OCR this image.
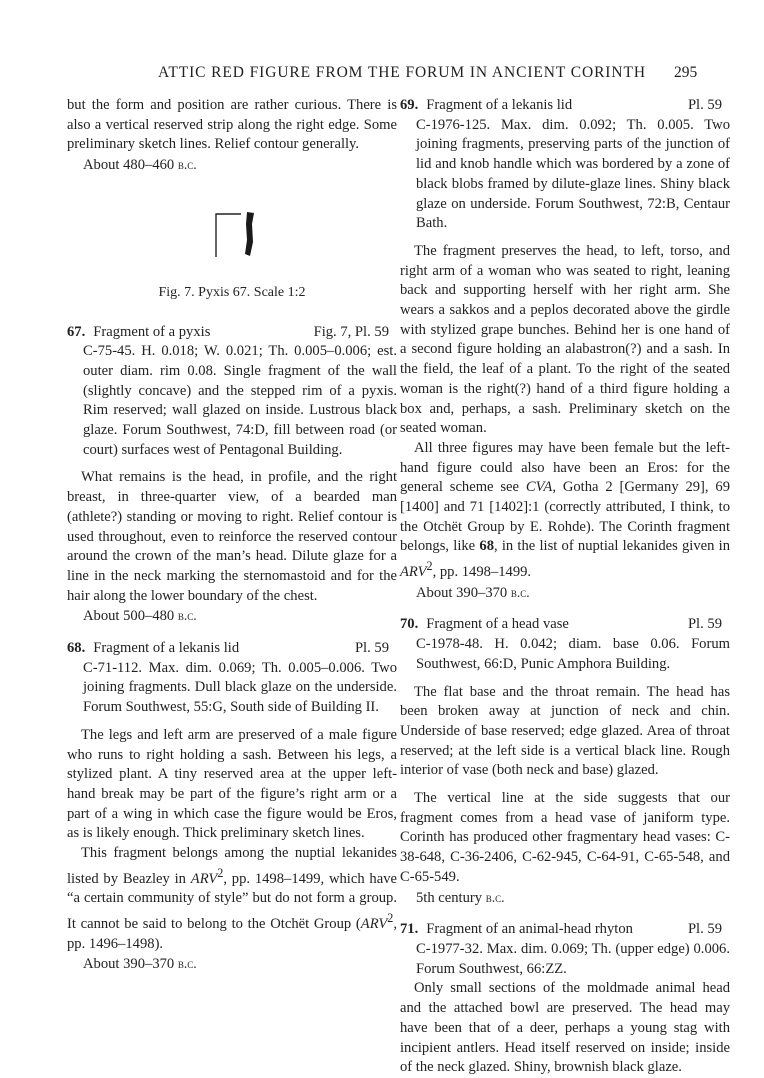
ATTIC RED FIGURE FROM THE FORUM IN ANCIENT CORINTH 295

but the form and position are rather curious. There is also a vertical reserved strip along the right edge. Some preliminary sketch lines. Relief contour generally.

About 480–460 b.c.

Fig. 7. Pyxis 67. Scale 1:2

67. Fragment of a pyxis	Fig. 7, Pl. 59

C-75-45. H. 0.018; W. 0.021; Th. 0.005–0.006; est. outer diam. rim 0.08. Single fragment of the wall (slightly concave) and the stepped rim of a pyxis. Rim reserved; wall glazed on inside. Lustrous black glaze. Forum Southwest, 74:D, fill between road (or court) surfaces west of Pentagonal Building.

What remains is the head, in profile, and the right breast, in three-quarter view, of a bearded man (athlete?) standing or moving to right. Relief contour is used throughout, even to reinforce the reserved contour around the crown of the man’s head. Dilute glaze for a line in the neck marking the sternomastoid and for the hair along the lower boundary of the chest.

About 500–480 b.c.

68. Fragment of a lekanis lid	Pl. 59

C-71-112. Max. dim. 0.069; Th. 0.005–0.006. Two joining fragments. Dull black glaze on the underside. Forum Southwest, 55:G, South side of Building II.

The legs and left arm are preserved of a male figure who runs to right holding a sash. Between his legs, a stylized plant. A tiny reserved area at the upper left-hand break may be part of the figure’s right arm or a part of a wing in which case the figure would be Eros, as is likely enough. Thick preliminary sketch lines.

This fragment belongs among the nuptial lekanides listed by Beazley in ARV$^2$, pp. 1498–1499, which have “a certain community of style” but do not form a group. It cannot be said to belong to the Otchët Group (ARV$^2$, pp. 1496–1498).

About 390–370 b.c.

69. Fragment of a lekanis lid	Pl. 59

C-1976-125. Max. dim. 0.092; Th. 0.005. Two joining fragments, preserving parts of the junction of lid and knob handle which was bordered by a zone of black blobs framed by dilute-glaze lines. Shiny black glaze on underside. Forum Southwest, 72:B, Centaur Bath.

The fragment preserves the head, to left, torso, and right arm of a woman who was seated to right, leaning back and supporting herself with her right arm. She wears a sakkos and a peplos decorated above the girdle with stylized grape bunches. Behind her is one hand of a second figure holding an alabastron(?) and a sash. In the field, the leaf of a plant. To the right of the seated woman is the right(?) hand of a third figure holding a box and, perhaps, a sash. Preliminary sketch on the seated woman.

All three figures may have been female but the left-hand figure could also have been an Eros: for the general scheme see CVA, Gotha 2 [Germany 29], 69 [1400] and 71 [1402]:1 (correctly attributed, I think, to the Otchët Group by E. Rohde). The Corinth fragment belongs, like 68, in the list of nuptial lekanides given in ARV$^2$, pp. 1498–1499.

About 390–370 b.c.

70. Fragment of a head vase	Pl. 59

C-1978-48. H. 0.042; diam. base 0.06. Forum Southwest, 66:D, Punic Amphora Building.

The flat base and the throat remain. The head has been broken away at junction of neck and chin. Underside of base reserved; edge glazed. Area of throat reserved; at the left side is a vertical black line. Rough interior of vase (both neck and base) glazed.

The vertical line at the side suggests that our fragment comes from a head vase of janiform type. Corinth has produced other fragmentary head vases: C-38-648, C-36-2406, C-62-945, C-64-91, C-65-548, and C-65-549.

5th century b.c.

71. Fragment of an animal-head rhyton	Pl. 59

C-1977-32. Max. dim. 0.069; Th. (upper edge) 0.006. Forum Southwest, 66:ZZ.

Only small sections of the moldmade animal head and the attached bowl are preserved. The head may have been that of a deer, perhaps a young stag with incipient antlers. Head itself reserved on inside; inside of the neck glazed. Shiny, brownish black glaze.
